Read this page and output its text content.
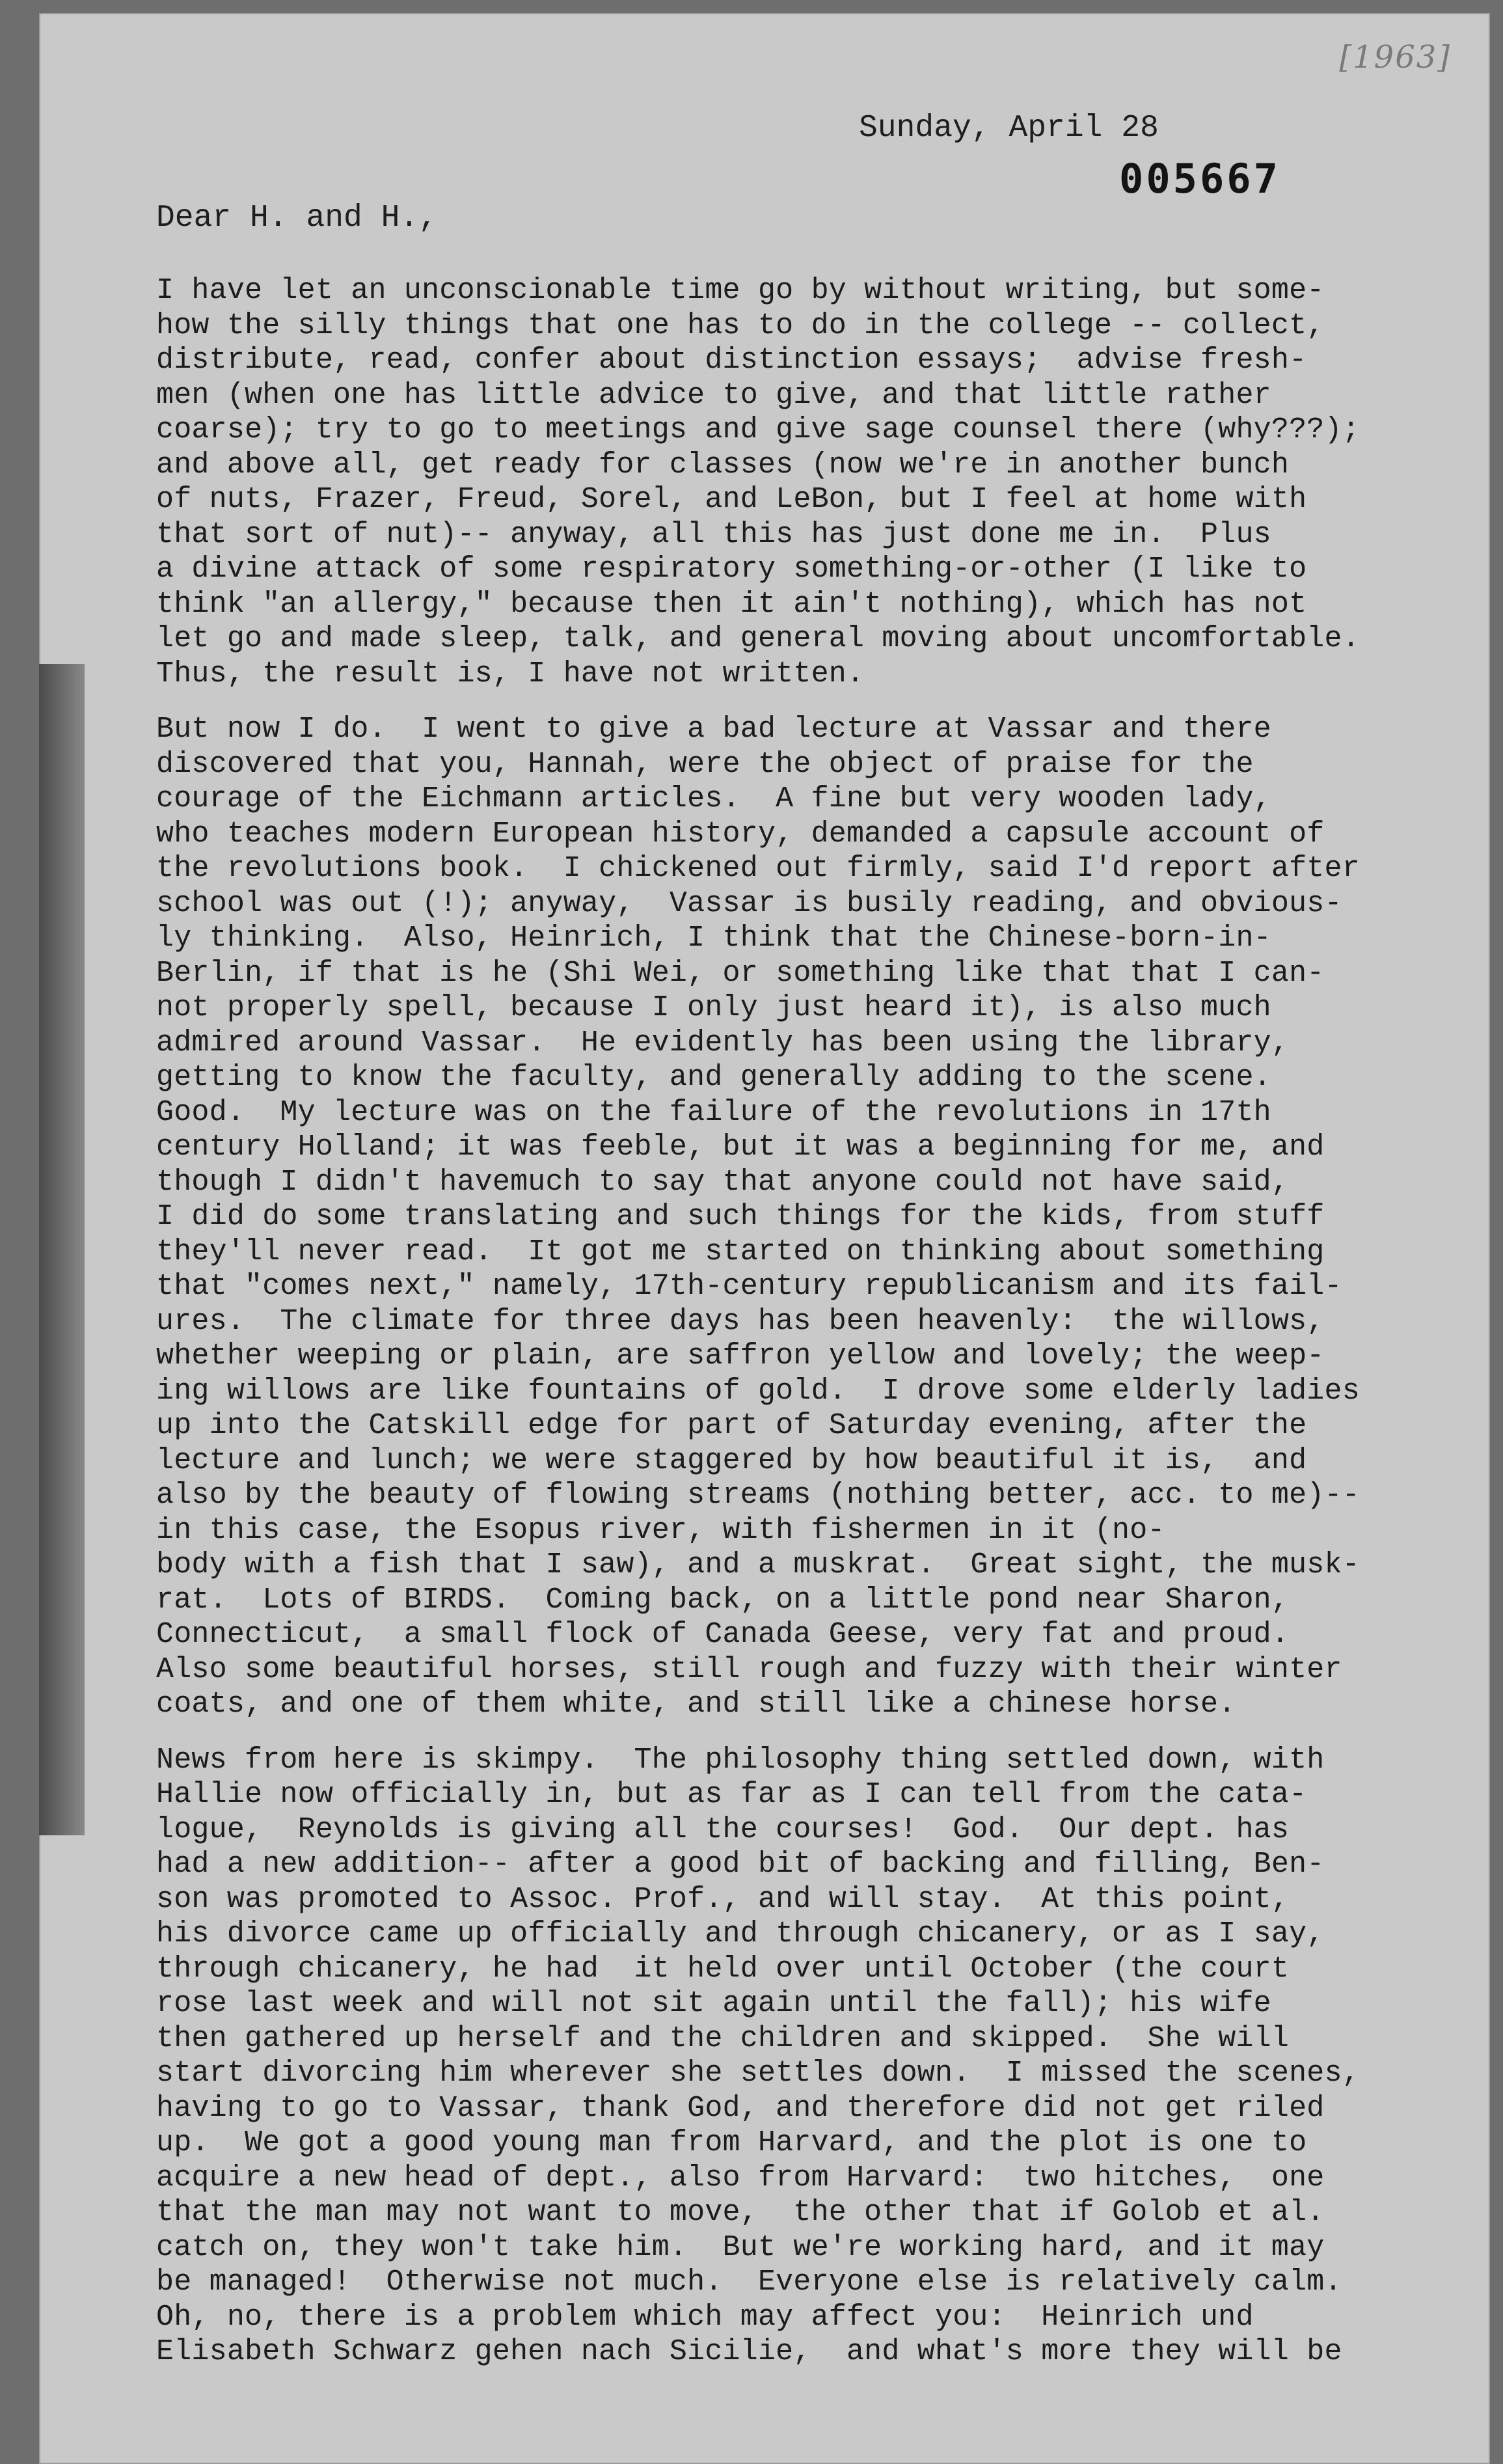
[1963]
Sunday, April 28
005667
Dear H. and H.,
I have let an unconscionable time go by without writing, but some-
how the silly things that one has to do in the college -- collect,
distribute, read, confer about distinction essays;  advise fresh-
men (when one has little advice to give, and that little rather
coarse); try to go to meetings and give sage counsel there (why???);
and above all, get ready for classes (now we're in another bunch
of nuts, Frazer, Freud, Sorel, and LeBon, but I feel at home with
that sort of nut)-- anyway, all this has just done me in.  Plus
a divine attack of some respiratory something-or-other (I like to
think "an allergy," because then it ain't nothing), which has not
let go and made sleep, talk, and general moving about uncomfortable.
Thus, the result is, I have not written.
But now I do.  I went to give a bad lecture at Vassar and there
discovered that you, Hannah, were the object of praise for the
courage of the Eichmann articles.  A fine but very wooden lady,
who teaches modern European history, demanded a capsule account of
the revolutions book.  I chickened out firmly, said I'd report after
school was out (!); anyway,  Vassar is busily reading, and obvious-
ly thinking.  Also, Heinrich, I think that the Chinese-born-in-
Berlin, if that is he (Shi Wei, or something like that that I can-
not properly spell, because I only just heard it), is also much
admired around Vassar.  He evidently has been using the library,
getting to know the faculty, and generally adding to the scene.
Good.  My lecture was on the failure of the revolutions in 17th
century Holland; it was feeble, but it was a beginning for me, and
though I didn't havemuch to say that anyone could not have said,
I did do some translating and such things for the kids, from stuff
they'll never read.  It got me started on thinking about something
that "comes next," namely, 17th-century republicanism and its fail-
ures.  The climate for three days has been heavenly:  the willows,
whether weeping or plain, are saffron yellow and lovely; the weep-
ing willows are like fountains of gold.  I drove some elderly ladies
up into the Catskill edge for part of Saturday evening, after the
lecture and lunch; we were staggered by how beautiful it is,  and
also by the beauty of flowing streams (nothing better, acc. to me)--
in this case, the Esopus river, with fishermen in it (no-
body with a fish that I saw), and a muskrat.  Great sight, the musk-
rat.  Lots of BIRDS.  Coming back, on a little pond near Sharon,
Connecticut,  a small flock of Canada Geese, very fat and proud.
Also some beautiful horses, still rough and fuzzy with their winter
coats, and one of them white, and still like a chinese horse.
News from here is skimpy.  The philosophy thing settled down, with
Hallie now officially in, but as far as I can tell from the cata-
logue,  Reynolds is giving all the courses!  God.  Our dept. has
had a new addition-- after a good bit of backing and filling, Ben-
son was promoted to Assoc. Prof., and will stay.  At this point,
his divorce came up officially and through chicanery, or as I say,
through chicanery, he had  it held over until October (the court
rose last week and will not sit again until the fall); his wife
then gathered up herself and the children and skipped.  She will
start divorcing him wherever she settles down.  I missed the scenes,
having to go to Vassar, thank God, and therefore did not get riled
up.  We got a good young man from Harvard, and the plot is one to
acquire a new head of dept., also from Harvard:  two hitches,  one
that the man may not want to move,  the other that if Golob et al.
catch on, they won't take him.  But we're working hard, and it may
be managed!  Otherwise not much.  Everyone else is relatively calm.
Oh, no, there is a problem which may affect you:  Heinrich und
Elisabeth Schwarz gehen nach Sicilie,  and what's more they will be
